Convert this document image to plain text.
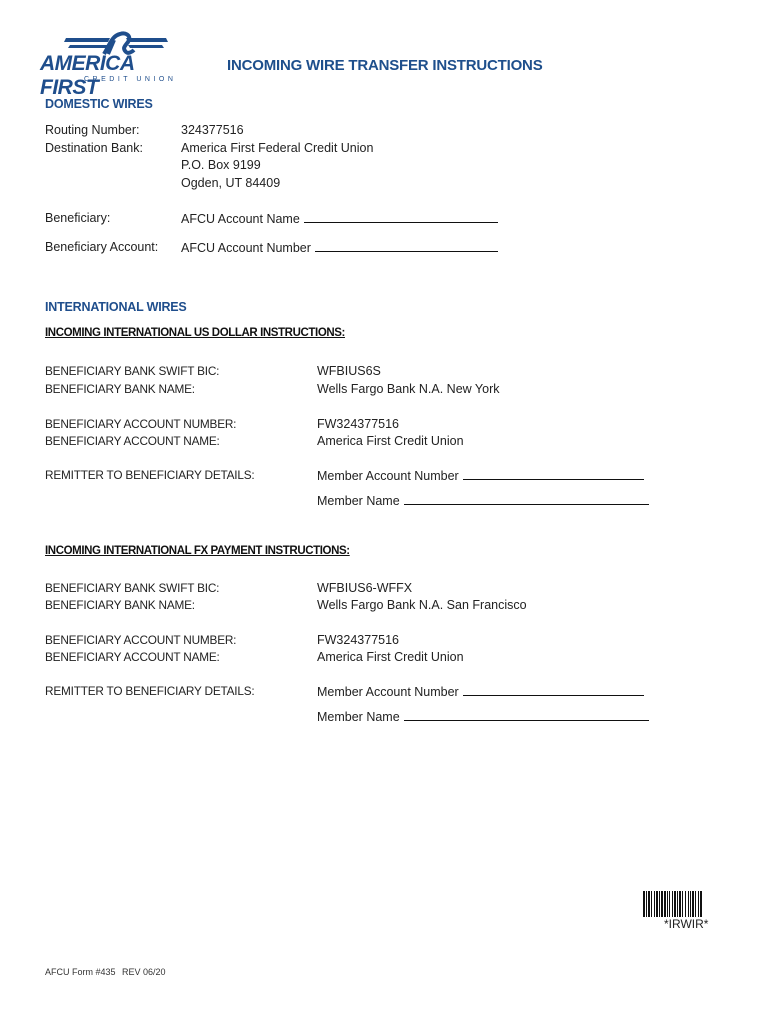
AMERICA FIRST
CREDIT UNION
INCOMING WIRE TRANSFER INSTRUCTIONS
DOMESTIC WIRES
Routing Number:	324377516
Destination Bank:	America First Federal Credit Union
P.O. Box 9199
Ogden, UT 84409
Beneficiary:	AFCU Account Name
Beneficiary Account: AFCU Account Number
INTERNATIONAL WIRES
INCOMING INTERNATIONAL US DOLLAR INSTRUCTIONS:
BENEFICIARY BANK SWIFT BIC:	WFBIUS6S
BENEFICIARY BANK NAME:	Wells Fargo Bank N.A. New York
BENEFICIARY ACCOUNT NUMBER:	FW324377516
BENEFICIARY ACCOUNT NAME:	America First Credit Union
REMITTER TO BENEFICIARY DETAILS:	Member Account Number
Member Name
INCOMING INTERNATIONAL FX PAYMENT INSTRUCTIONS:
BENEFICIARY BANK SWIFT BIC:	WFBIUS6-WFFX
BENEFICIARY BANK NAME:	Wells Fargo Bank N.A. San Francisco
BENEFICIARY ACCOUNT NUMBER:	FW324377516
BENEFICIARY ACCOUNT NAME:	America First Credit Union
REMITTER TO BENEFICIARY DETAILS:	Member Account Number
Member Name
*IRWIR*
AFCU Form #435 REV 06/20
